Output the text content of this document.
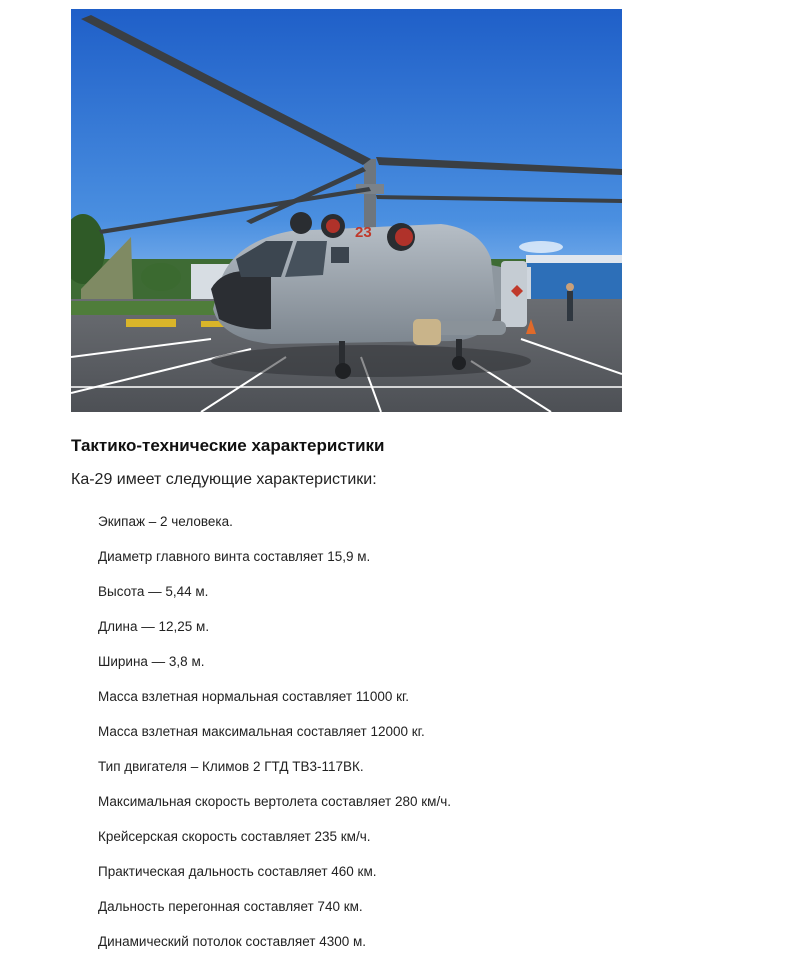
23
Тактико-технические характеристики
Ка-29 имеет следующие характеристики:
Экипаж – 2 человека.
Диаметр главного винта составляет 15,9 м.
Высота — 5,44 м.
Длина — 12,25 м.
Ширина — 3,8 м.
Масса взлетная нормальная составляет 11000 кг.
Масса взлетная максимальная составляет 12000 кг.
Тип двигателя – Климов 2 ГТД ТВ3-117ВК.
Максимальная скорость вертолета составляет 280 км/ч.
Крейсерская скорость составляет 235 км/ч.
Практическая дальность составляет 460 км.
Дальность перегонная составляет 740 км.
Динамический потолок составляет 4300 м.
